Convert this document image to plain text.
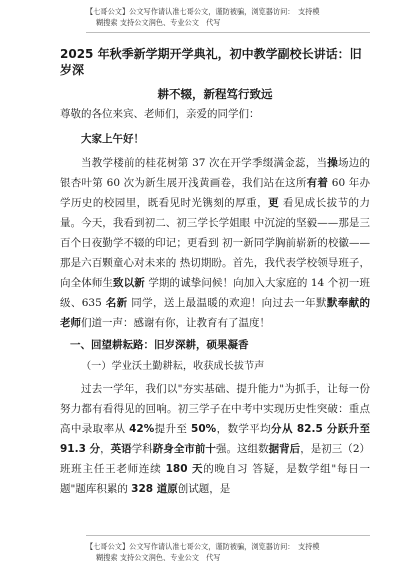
【七哥公文】公文写作请认准七哥公文，谨防被骗，浏览器访问：　支持模
糊搜索 支持公文润色、专业公文　代写

2025 年秋季新学期开学典礼，初中教学副校长讲话：旧岁深

耕不辍，新程笃行致远

尊敬的各位来宾、老师们，亲爱的同学们：

大家上午好！

当教学楼前的桂花树第 37 次在开学季缀满金蕊，当操场边的银杏叶第 60 次为新生展开浅黄画卷，我们站在这所有着 60 年办学历史的校园里，既看见时光镌刻的厚重，更 看见成长拔节的力量。今天，我看到初二、初三学长学姐眼 中沉淀的坚毅——那是三百个日夜勤学不辍的印记；更看到 初一新同学胸前崭新的校徽——那是六百颗童心对未来的 热切期盼。首先，我代表学校领导班子，向全体师生致以新 学期的诚挚问候！向加入大家庭的 14 个初一班级、635 名新 同学，送上最温暖的欢迎！向过去一年默默奉献的老师们道一声：感谢有你，让教育有了温度！

一、回望耕耘路：旧岁深耕，硕果凝香

（一）学业沃土勤耕耘，收获成长拔节声

过去一学年，我们以"夯实基础、提升能力"为抓手，让每一份努力都有看得见的回响。初三学子在中考中实现历史性突破：重点高中录取率从 42%提升至 50%，数学平均分从 82.5 分跃升至 91.3 分，英语学科跻身全市前十强。这组数据背后，是初三（2）班班主任王老师连续 180 天的晚自习 答疑，是数学组"每日一题"题库积累的 328 道原创试题，是

【七哥公文】公文写作请认准七哥公文，谨防被骗，浏览器访问：　支持模
糊搜索 支持公文润色、专业公文　代写
